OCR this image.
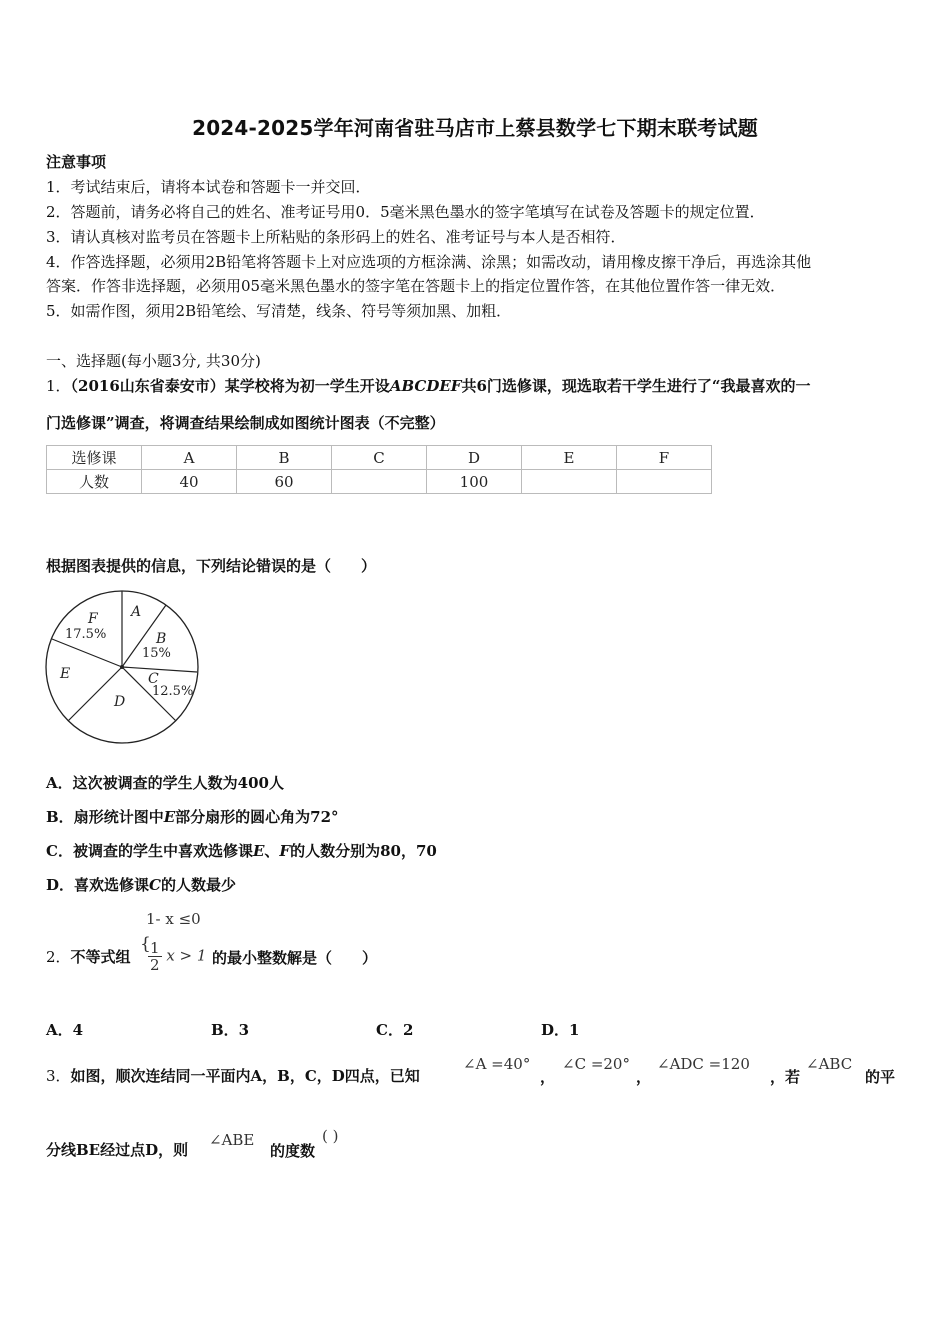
2024-2025学年河南省驻马店市上蔡县数学七下期末联考试题
注意事项
1．考试结束后，请将本试卷和答题卡一并交回．
2．答题前，请务必将自己的姓名、准考证号用0．5毫米黑色墨水的签字笔填写在试卷及答题卡的规定位置．
3．请认真核对监考员在答题卡上所粘贴的条形码上的姓名、准考证号与本人是否相符．
4．作答选择题，必须用2B铅笔将答题卡上对应选项的方框涂满、涂黑；如需改动，请用橡皮擦干净后，再选涂其他
答案．作答非选择题，必须用05毫米黑色墨水的签字笔在答题卡上的指定位置作答，在其他位置作答一律无效．
5．如需作图，须用2B铅笔绘、写清楚，线条、符号等须加黑、加粗．
一、选择题(每小题3分, 共30分)
1．（2016山东省泰安市）某学校将为初一学生开设ABCDEF共6门选修课，现选取若干学生进行了“我最喜欢的一
门选修课”调查，将调查结果绘制成如图统计图表（不完整）
选修课	A	B	C	D	E	F
人数	40	60		100		
根据图表提供的信息，下列结论错误的是（　　）
A
B
15%
C
12.5%
D
E
F
17.5%
A．这次被调查的学生人数为400人
B．扇形统计图中E部分扇形的圆心角为72°
C．被调查的学生中喜欢选修课E、F的人数分别为80，70
D．喜欢选修课C的人数最少
1- x ≤0
2．不等式组
{
$\frac{1}{2}$ x > 1 的最小整数解是（　　）
A．4	B．3	C．2	D．1
3．如图，顺次连结同一平面内A，B，C，D四点，已知
∠A =40°
，
∠C =20°
，
∠ADC =120
，若
∠ABC
的平
分线BE经过点D，则
∠ABE
的度数
( )
